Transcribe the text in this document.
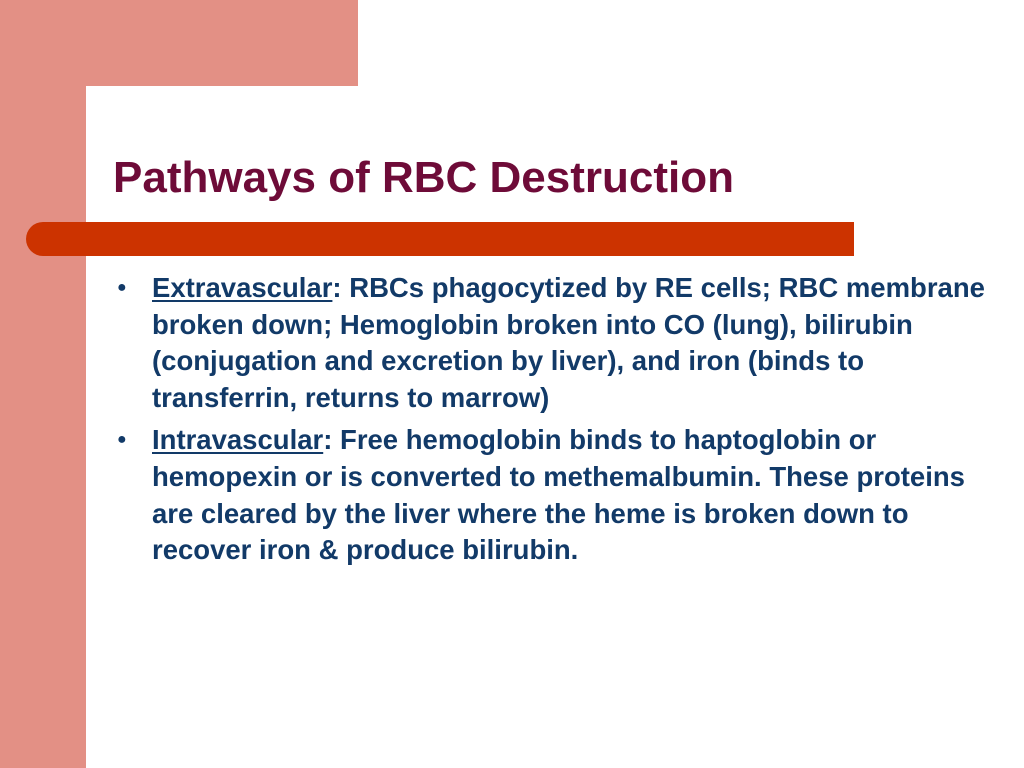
Pathways of RBC Destruction
● Extravascular: RBCs phagocytized by RE cells; RBC membrane broken down; Hemoglobin broken into CO (lung), bilirubin (conjugation and excretion by liver), and iron (binds to transferrin, returns to marrow)
● Intravascular: Free hemoglobin binds to haptoglobin or hemopexin or is converted to methemalbumin. These proteins are cleared by the liver where the heme is broken down to recover iron & produce bilirubin.
